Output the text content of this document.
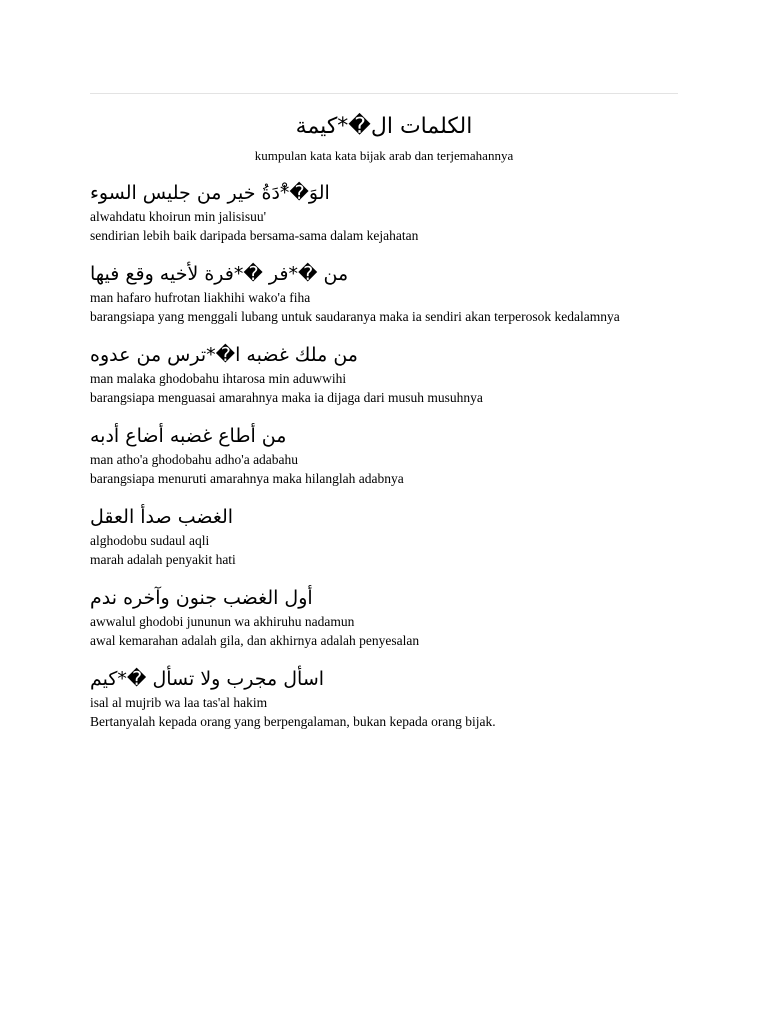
الكلمات ال�*كيمة
kumpulan kata kata bijak arab dan terjemahannya
الوَ�*ْدَةُ خير من جليس السوء
alwahdatu khoirun min jalisisuu'
sendirian lebih baik daripada bersama-sama dalam kejahatan
من �*فر �*فرة لأخيه وقع فيها
man hafaro hufrotan liakhihi wako'a fiha
barangsiapa yang menggali lubang untuk saudaranya maka ia sendiri akan terperosok kedalamnya
من ملك غضبه ا�*ترس من عدوه
man malaka ghodobahu ihtarosa min aduwwihi
barangsiapa menguasai amarahnya maka ia dijaga dari musuh musuhnya
من أطاع غضبه أضاع أدبه
man atho'a ghodobahu adho'a adabahu
barangsiapa menuruti amarahnya maka hilanglah adabnya
الغضب صدأ العقل
alghodobu sudaul aqli
marah adalah penyakit hati
أول الغضب جنون وآخره ندم
awwalul ghodobi jununun wa akhiruhu nadamun
awal kemarahan adalah gila, dan akhirnya adalah penyesalan
اسأل مجرب ولا تسأل �*كيم
isal al mujrib wa laa tas'al hakim
Bertanyalah kepada orang yang berpengalaman, bukan kepada orang bijak.
